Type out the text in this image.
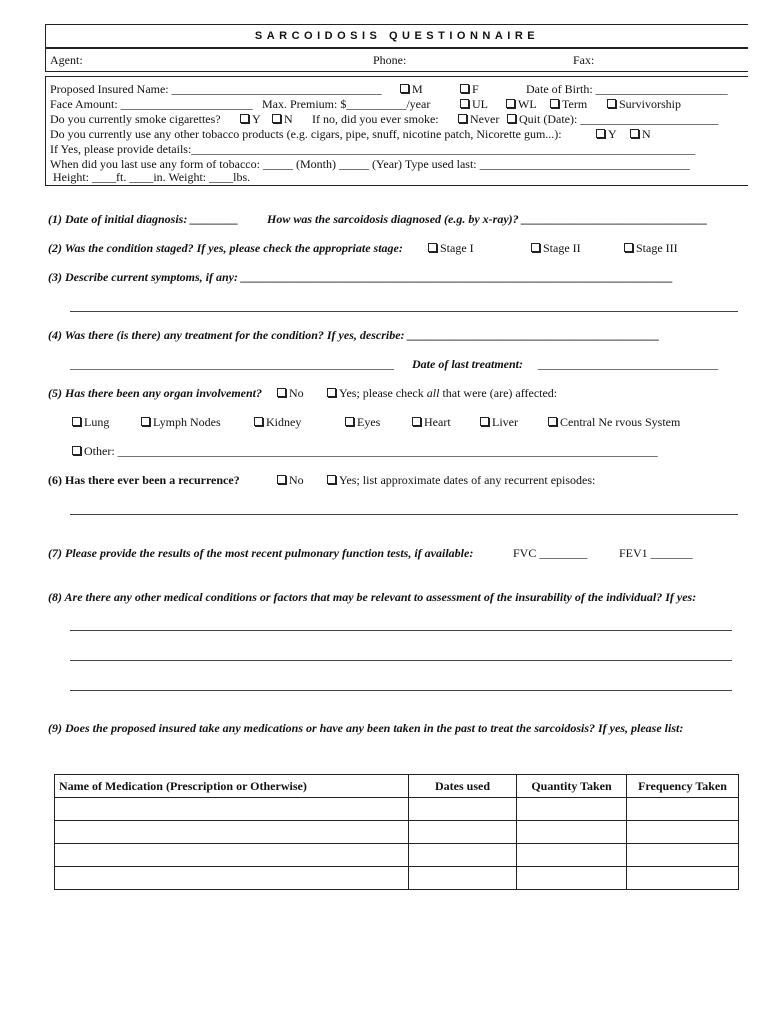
SARCOIDOSIS QUESTIONNAIRE
Agent:	Phone:	Fax:
Proposed Insured Name: ___________________________________	M	F	Date of Birth: ______________________
Face Amount: ______________________ Max. Premium: $__________/year	UL	WL	Term	Survivorship
Do you currently smoke cigarettes?	Y	N If no, did you ever smoke:	Never	Quit (Date): _______________________
Do you currently use any other tobacco products (e.g. cigars, pipe, snuff, nicotine patch, Nicorette gum...):	Y	N
If Yes, please provide details:____________________________________________________________________________________
When did you last use any form of tobacco: _____ (Month) _____ (Year) Type used last: ___________________________________
Height: ____ft. ____in. Weight: ____lbs.
(1) Date of initial diagnosis: ________ How was the sarcoidosis diagnosed (e.g. by x-ray)? _______________________________
(2) Was the condition staged? If yes, please check the appropriate stage:	Stage I	Stage II	Stage III
(3) Describe current symptoms, if any: ________________________________________________________________________
(4) Was there (is there) any treatment for the condition? If yes, describe: __________________________________________
______________________________________________________ Date of last treatment: ______________________________
(5) Has there been any organ involvement?	No	Yes; please check all that were (are) affected:
Lung	Lymph Nodes	Kidney	Eyes	Heart	Liver	Central Ne rvous System
Other: __________________________________________________________________________________________
(6) Has there ever been a recurrence?	No	Yes; list approximate dates of any recurrent episodes:
(7) Please provide the results of the most recent pulmonary function tests, if available:	FVC ________	FEV1 _______
(8) Are there any other medical conditions or factors that may be relevant to assessment of the insurability of the individual? If yes:
(9) Does the proposed insured take any medications or have any been taken in the past to treat the sarcoidosis? If yes, please list:
Name of Medication (Prescription or Otherwise)	Dates used	Quantity Taken	Frequency Taken
